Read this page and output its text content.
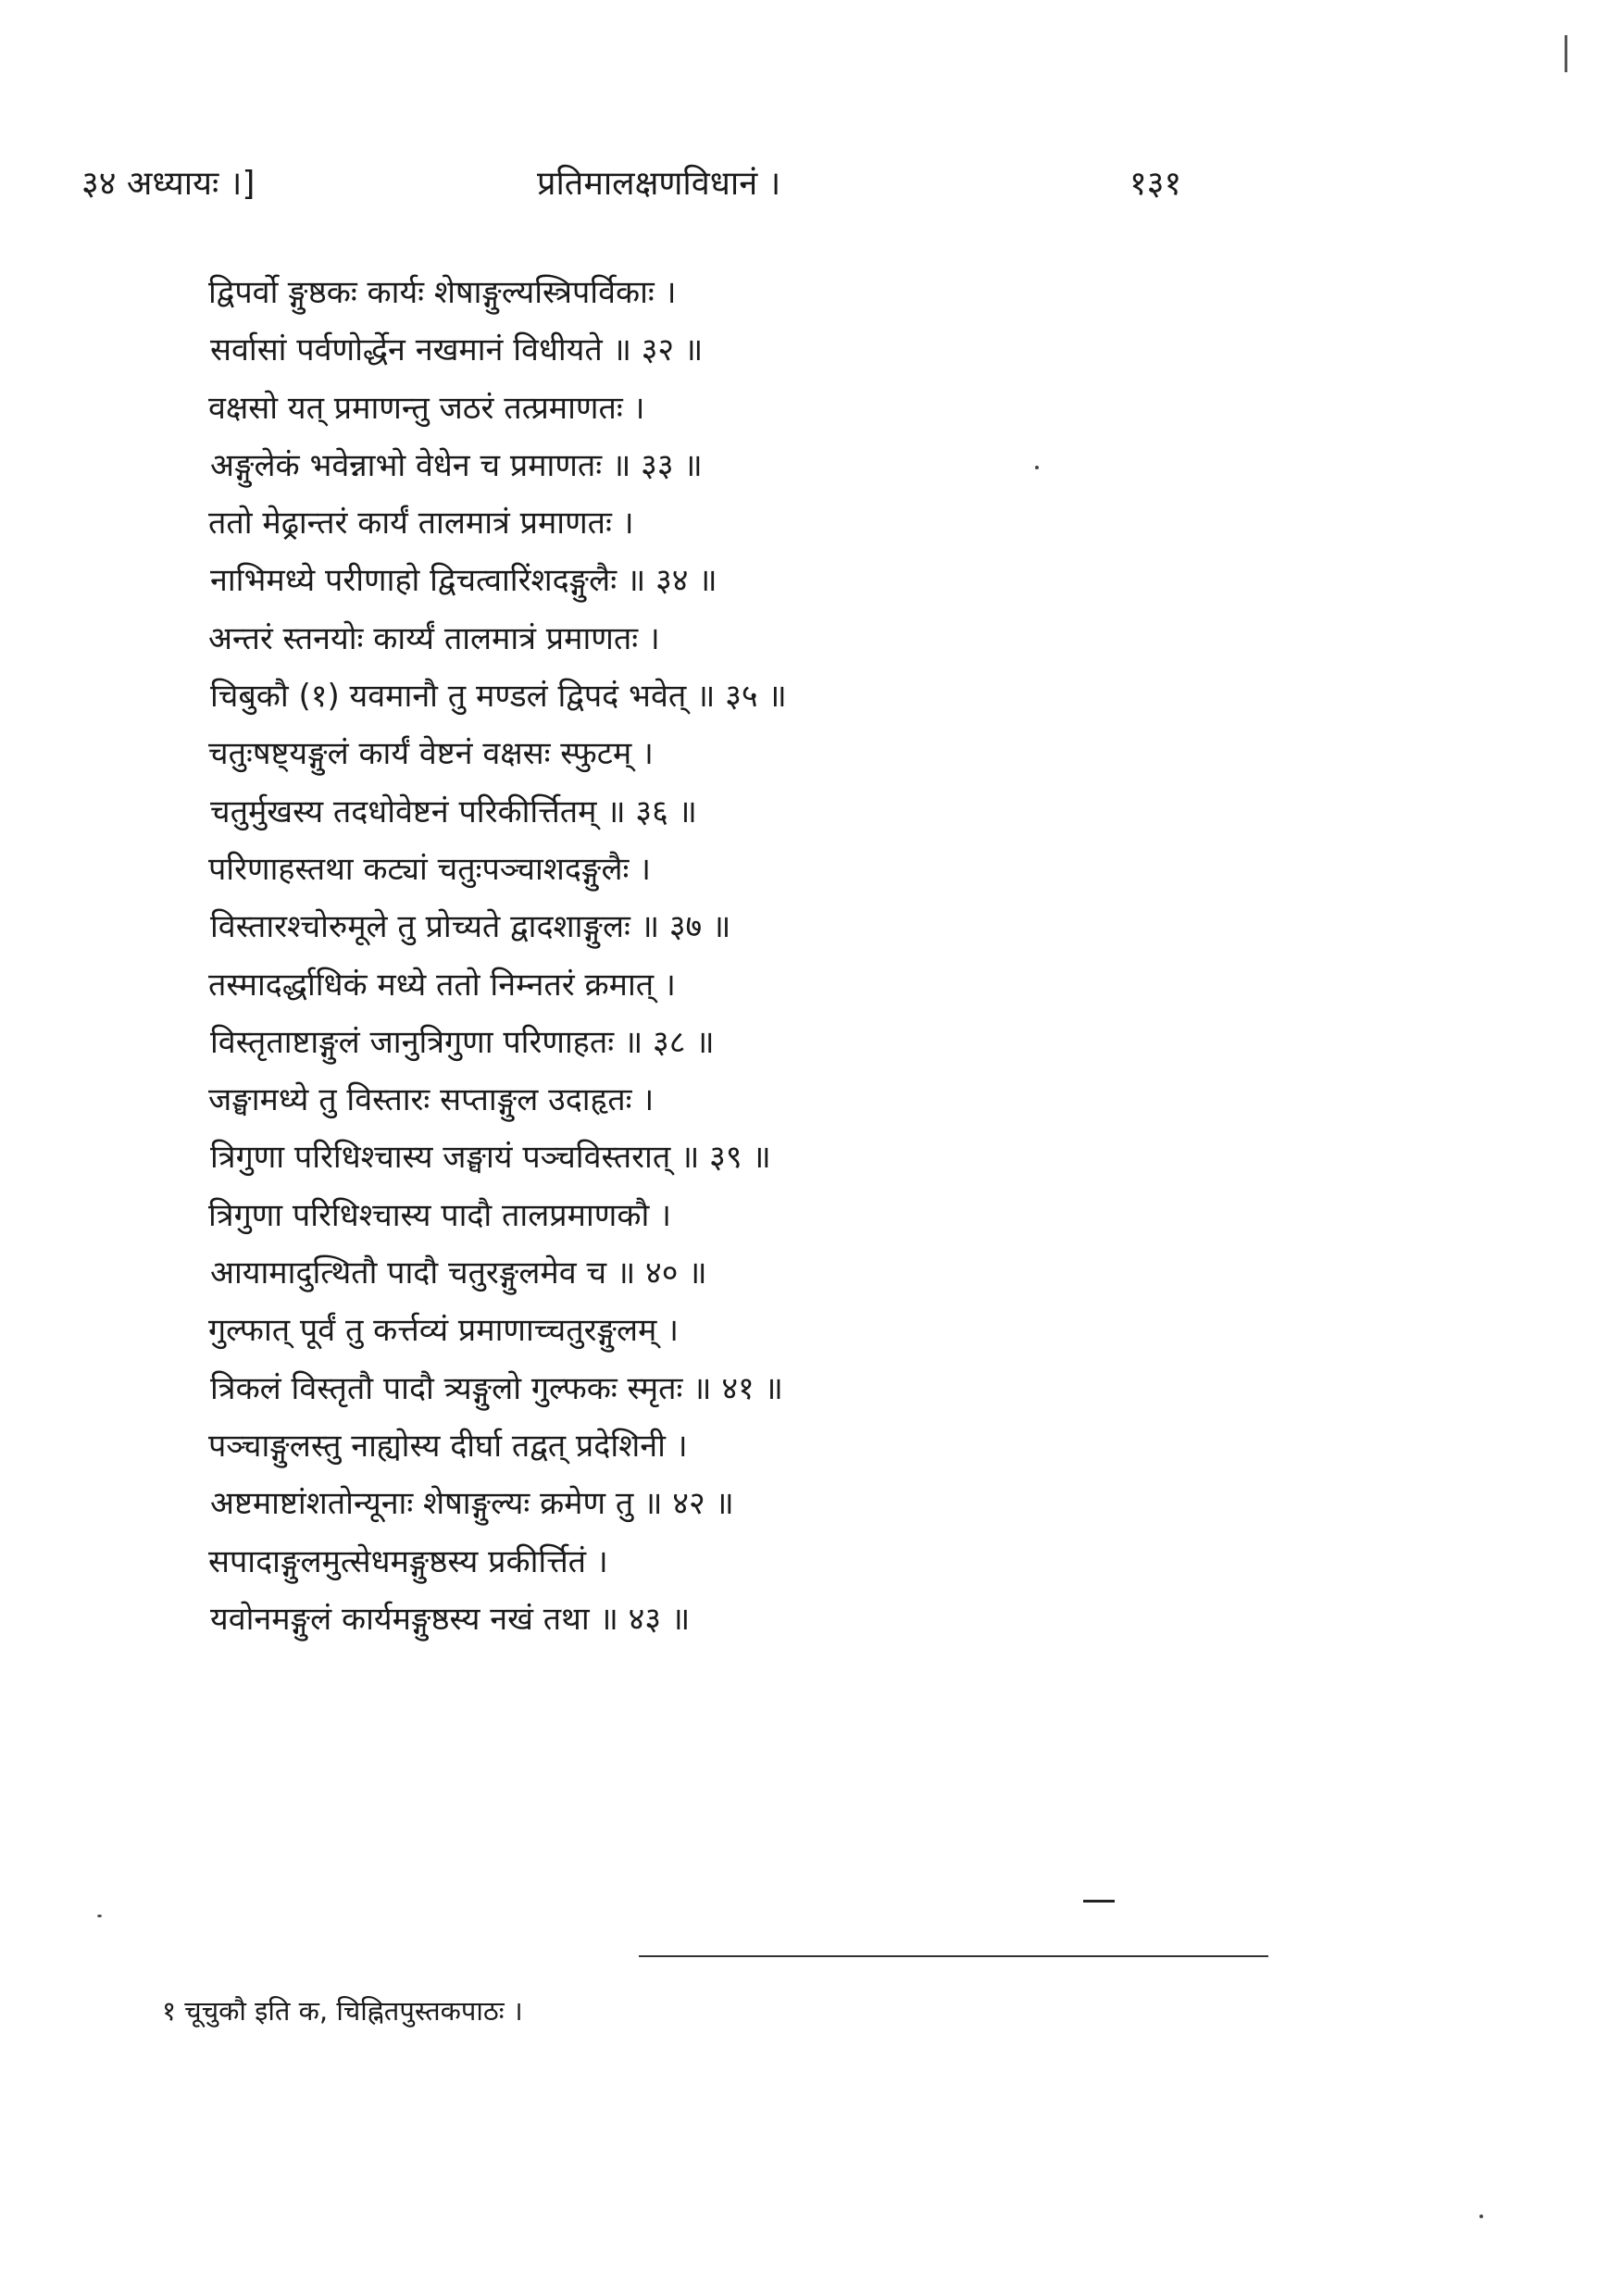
३४ अध्यायः ।]	प्रतिमालक्षणविधानं ।	१३१
द्विपर्वो ङ्गुष्ठकः कार्यः शेषाङ्गुल्यस्त्रिपर्विकाः ।
सर्वासां पर्वणोर्द्धेन नखमानं विधीयते ॥ ३२ ॥
वक्षसो यत् प्रमाणन्तु जठरं तत्प्रमाणतः ।
अङ्गुलेकं भवेन्नाभो वेधेन च प्रमाणतः ॥ ३३ ॥
ततो मेढ्रान्तरं कार्यं तालमात्रं प्रमाणतः ।
नाभिमध्ये परीणाहो द्विचत्वारिंशदङ्गुलैः ॥ ३४ ॥
अन्तरं स्तनयोः कार्य्यं तालमात्रं प्रमाणतः ।
चिबुकौ (१) यवमानौ तु मण्डलं द्विपदं भवेत् ॥ ३५ ॥
चतुःषष्ट्यङ्गुलं कार्यं वेष्टनं वक्षसः स्फुटम् ।
चतुर्मुखस्य तदधोवेष्टनं परिकीर्त्तितम् ॥ ३६ ॥
परिणाहस्तथा कट्यां चतुःपञ्चाशदङ्गुलैः ।
विस्तारश्चोरुमूले तु प्रोच्यते द्वादशाङ्गुलः ॥ ३७ ॥
तस्मादर्द्धाधिकं मध्ये ततो निम्नतरं क्रमात् ।
विस्तृताष्टाङ्गुलं जानुत्रिगुणा परिणाहतः ॥ ३८ ॥
जङ्घामध्ये तु विस्तारः सप्ताङ्गुल उदाहृतः ।
त्रिगुणा परिधिश्चास्य जङ्घायं पञ्चविस्तरात् ॥ ३९ ॥
त्रिगुणा परिधिश्चास्य पादौ तालप्रमाणकौ ।
आयामादुत्थितौ पादौ चतुरङ्गुलमेव च ॥ ४० ॥
गुल्फात् पूर्वं तु कर्त्तव्यं प्रमाणाच्चतुरङ्गुलम् ।
त्रिकलं विस्तृतौ पादौ त्र्यङ्गुलो गुल्फकः स्मृतः ॥ ४१ ॥
पञ्चाङ्गुलस्तु नाह्योस्य दीर्घा तद्वत् प्रदेशिनी ।
अष्टमाष्टांशतोन्यूनाः शेषाङ्गुल्यः क्रमेण तु ॥ ४२ ॥
सपादाङ्गुलमुत्सेधमङ्गुष्ठस्य प्रकीर्त्तितं ।
यवोनमङ्गुलं कार्यमङ्गुष्ठस्य नखं तथा ॥ ४३ ॥
१ चूचुकौ इति क, चिह्नितपुस्तकपाठः ।
